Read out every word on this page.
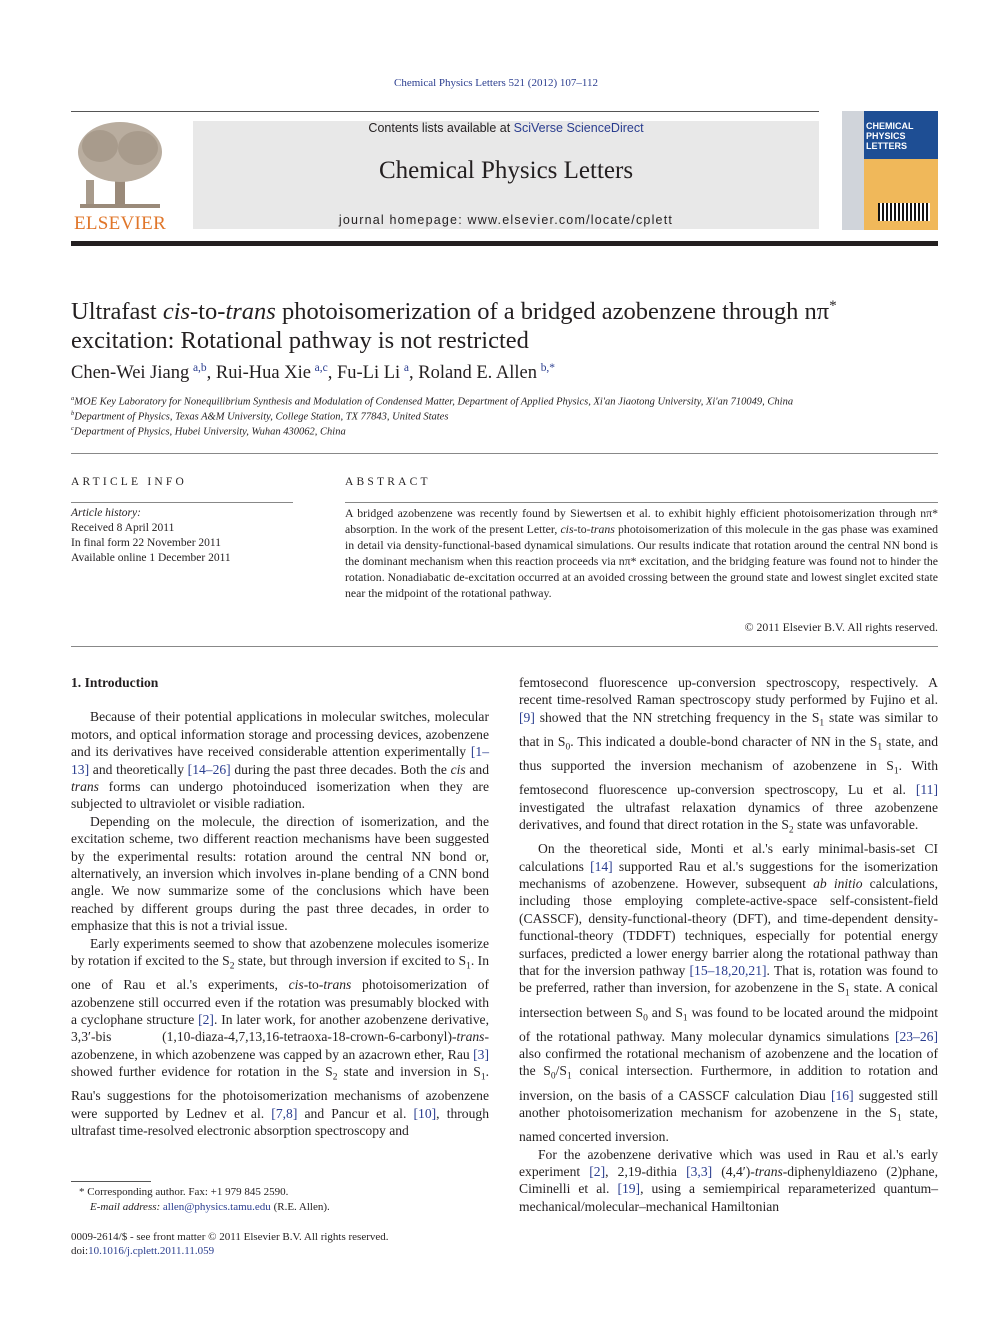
Chemical Physics Letters 521 (2012) 107–112
ELSEVIER
Contents lists available at SciVerse ScienceDirect
Chemical Physics Letters
journal homepage: www.elsevier.com/locate/cplett
CHEMICAL PHYSICS LETTERS
Ultrafast cis-to-trans photoisomerization of a bridged azobenzene through nπ*
excitation: Rotational pathway is not restricted
Chen-Wei Jiang  $^{a,b}$, Rui-Hua Xie  $^{a,c}$, Fu-Li Li  $^a$, Roland E. Allen  $^{b,*}$
$^a$MOE Key Laboratory for Nonequilibrium Synthesis and Modulation of Condensed Matter, Department of Applied Physics, Xi'an Jiaotong University, Xi'an 710049, China
$^b$Department of Physics, Texas A&M University, College Station, TX 77843, United States
$^c$Department of Physics, Hubei University, Wuhan 430062, China
ARTICLE INFO	ABSTRACT
Article history:
Received 8 April 2011
In final form 22 November 2011
Available online 1 December 2011
A bridged azobenzene was recently found by Siewertsen et al. to exhibit highly efficient photoisomerization through nπ* absorption. In the work of the present Letter, cis-to-trans photoisomerization of this molecule in the gas phase was examined in detail via density-functional-based dynamical simulations. Our results indicate that rotation around the central NN bond is the dominant mechanism when this reaction proceeds via nπ* excitation, and the bridging feature was found not to hinder the rotation. Nonadiabatic de-excitation occurred at an avoided crossing between the ground state and lowest singlet excited state near the midpoint of the rotational pathway.
© 2011 Elsevier B.V. All rights reserved.
1. Introduction

Because of their potential applications in molecular switches, molecular motors, and optical information storage and processing devices, azobenzene and its derivatives have received considerable attention experimentally [1–13] and theoretically [14–26] during the past three decades. Both the cis and trans forms can undergo photoinduced isomerization when they are subjected to ultraviolet or visible radiation.

Depending on the molecule, the direction of isomerization, and the excitation scheme, two different reaction mechanisms have been suggested by the experimental results: rotation around the central NN bond or, alternatively, an inversion which involves in-plane bending of a CNN bond angle. We now summarize some of the conclusions which have been reached by different groups during the past three decades, in order to emphasize that this is not a trivial issue.

Early experiments seemed to show that azobenzene molecules isomerize by rotation if excited to the $S_2$ state, but through inversion if excited to $S_1$. In one of Rau et al.'s experiments, cis-to-trans photoisomerization of azobenzene still occurred even if the rotation was presumably blocked with a cyclophane structure [2]. In later work, for another azobenzene derivative, 3,3′-bis (1,10-diaza-4,7,13,16-tetraoxa-18-crown-6-carbonyl)-trans-azobenzene, in which azobenzene was capped by an azacrown ether, Rau [3] showed further evidence for rotation in the $S_2$ state and inversion in $S_1$. Rau's suggestions for the photoisomerization mechanisms of azobenzene were supported by Lednev et al. [7,8] and Pancur et al. [10], through ultrafast time-resolved electronic absorption spectroscopy and

femtosecond fluorescence up-conversion spectroscopy, respectively. A recent time-resolved Raman spectroscopy study performed by Fujino et al. [9] showed that the NN stretching frequency in the $S_1$ state was similar to that in $S_0$. This indicated a double-bond character of NN in the $S_1$ state, and thus supported the inversion mechanism of azobenzene in $S_1$. With femtosecond fluorescence up-conversion spectroscopy, Lu et al. [11] investigated the ultrafast relaxation dynamics of three azobenzene derivatives, and found that direct rotation in the $S_2$ state was unfavorable.

On the theoretical side, Monti et al.'s early minimal-basis-set CI calculations [14] supported Rau et al.'s suggestions for the isomerization mechanisms of azobenzene. However, subsequent ab initio calculations, including those employing complete-active-space self-consistent-field (CASSCF), density-functional-theory (DFT), and time-dependent density-functional-theory (TDDFT) techniques, especially for potential energy surfaces, predicted a lower energy barrier along the rotational pathway than that for the inversion pathway [15–18,20,21]. That is, rotation was found to be preferred, rather than inversion, for azobenzene in the $S_1$ state. A conical intersection between $S_0$ and $S_1$ was found to be located around the midpoint of the rotational pathway. Many molecular dynamics simulations [23–26] also confirmed the rotational mechanism of azobenzene and the location of the $S_0/S_1$ conical intersection. Furthermore, in addition to rotation and inversion, on the basis of a CASSCF calculation Diau [16] suggested still another photoisomerization mechanism for azobenzene in the $S_1$ state, named concerted inversion.

For the azobenzene derivative which was used in Rau et al.'s early experiment [2], 2,19-dithia [3,3] (4,4′)-trans-diphenyldiazeno (2)phane, Ciminelli et al. [19], using a semiempirical reparameterized quantum–mechanical/molecular–mechanical Hamiltonian

* Corresponding author. Fax: +1 979 845 2590.
E-mail address: allen@physics.tamu.edu (R.E. Allen).
0009-2614/$ - see front matter © 2011 Elsevier B.V. All rights reserved.
doi:10.1016/j.cplett.2011.11.059
